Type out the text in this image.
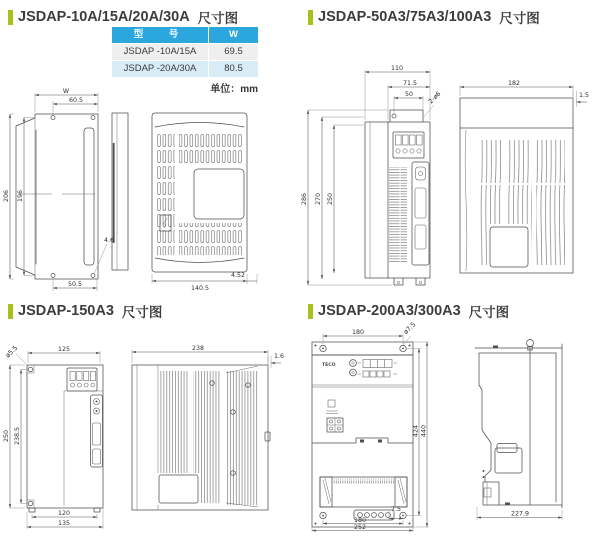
JSDAP-10A/15A/20A/30A 尺寸图	JSDAP-50A3/75A3/100A3 尺寸图
JSDAP-150A3 尺寸图	JSDAP-200A3/300A3 尺寸图
型　号	W
JSDAP -10A/15A	69.5
JSDAP -20A/30A	80.5
单位：mm
W
60.5
206 196
4.6
50.5
140.5
4.52
110
71.5
50 2-ø6
286 270 250
182
1.5
ø5.5	125
250 238.5
120
135
238
1.6
TECO
180	ø7.5
424 440
7.5
180
252
227.9
